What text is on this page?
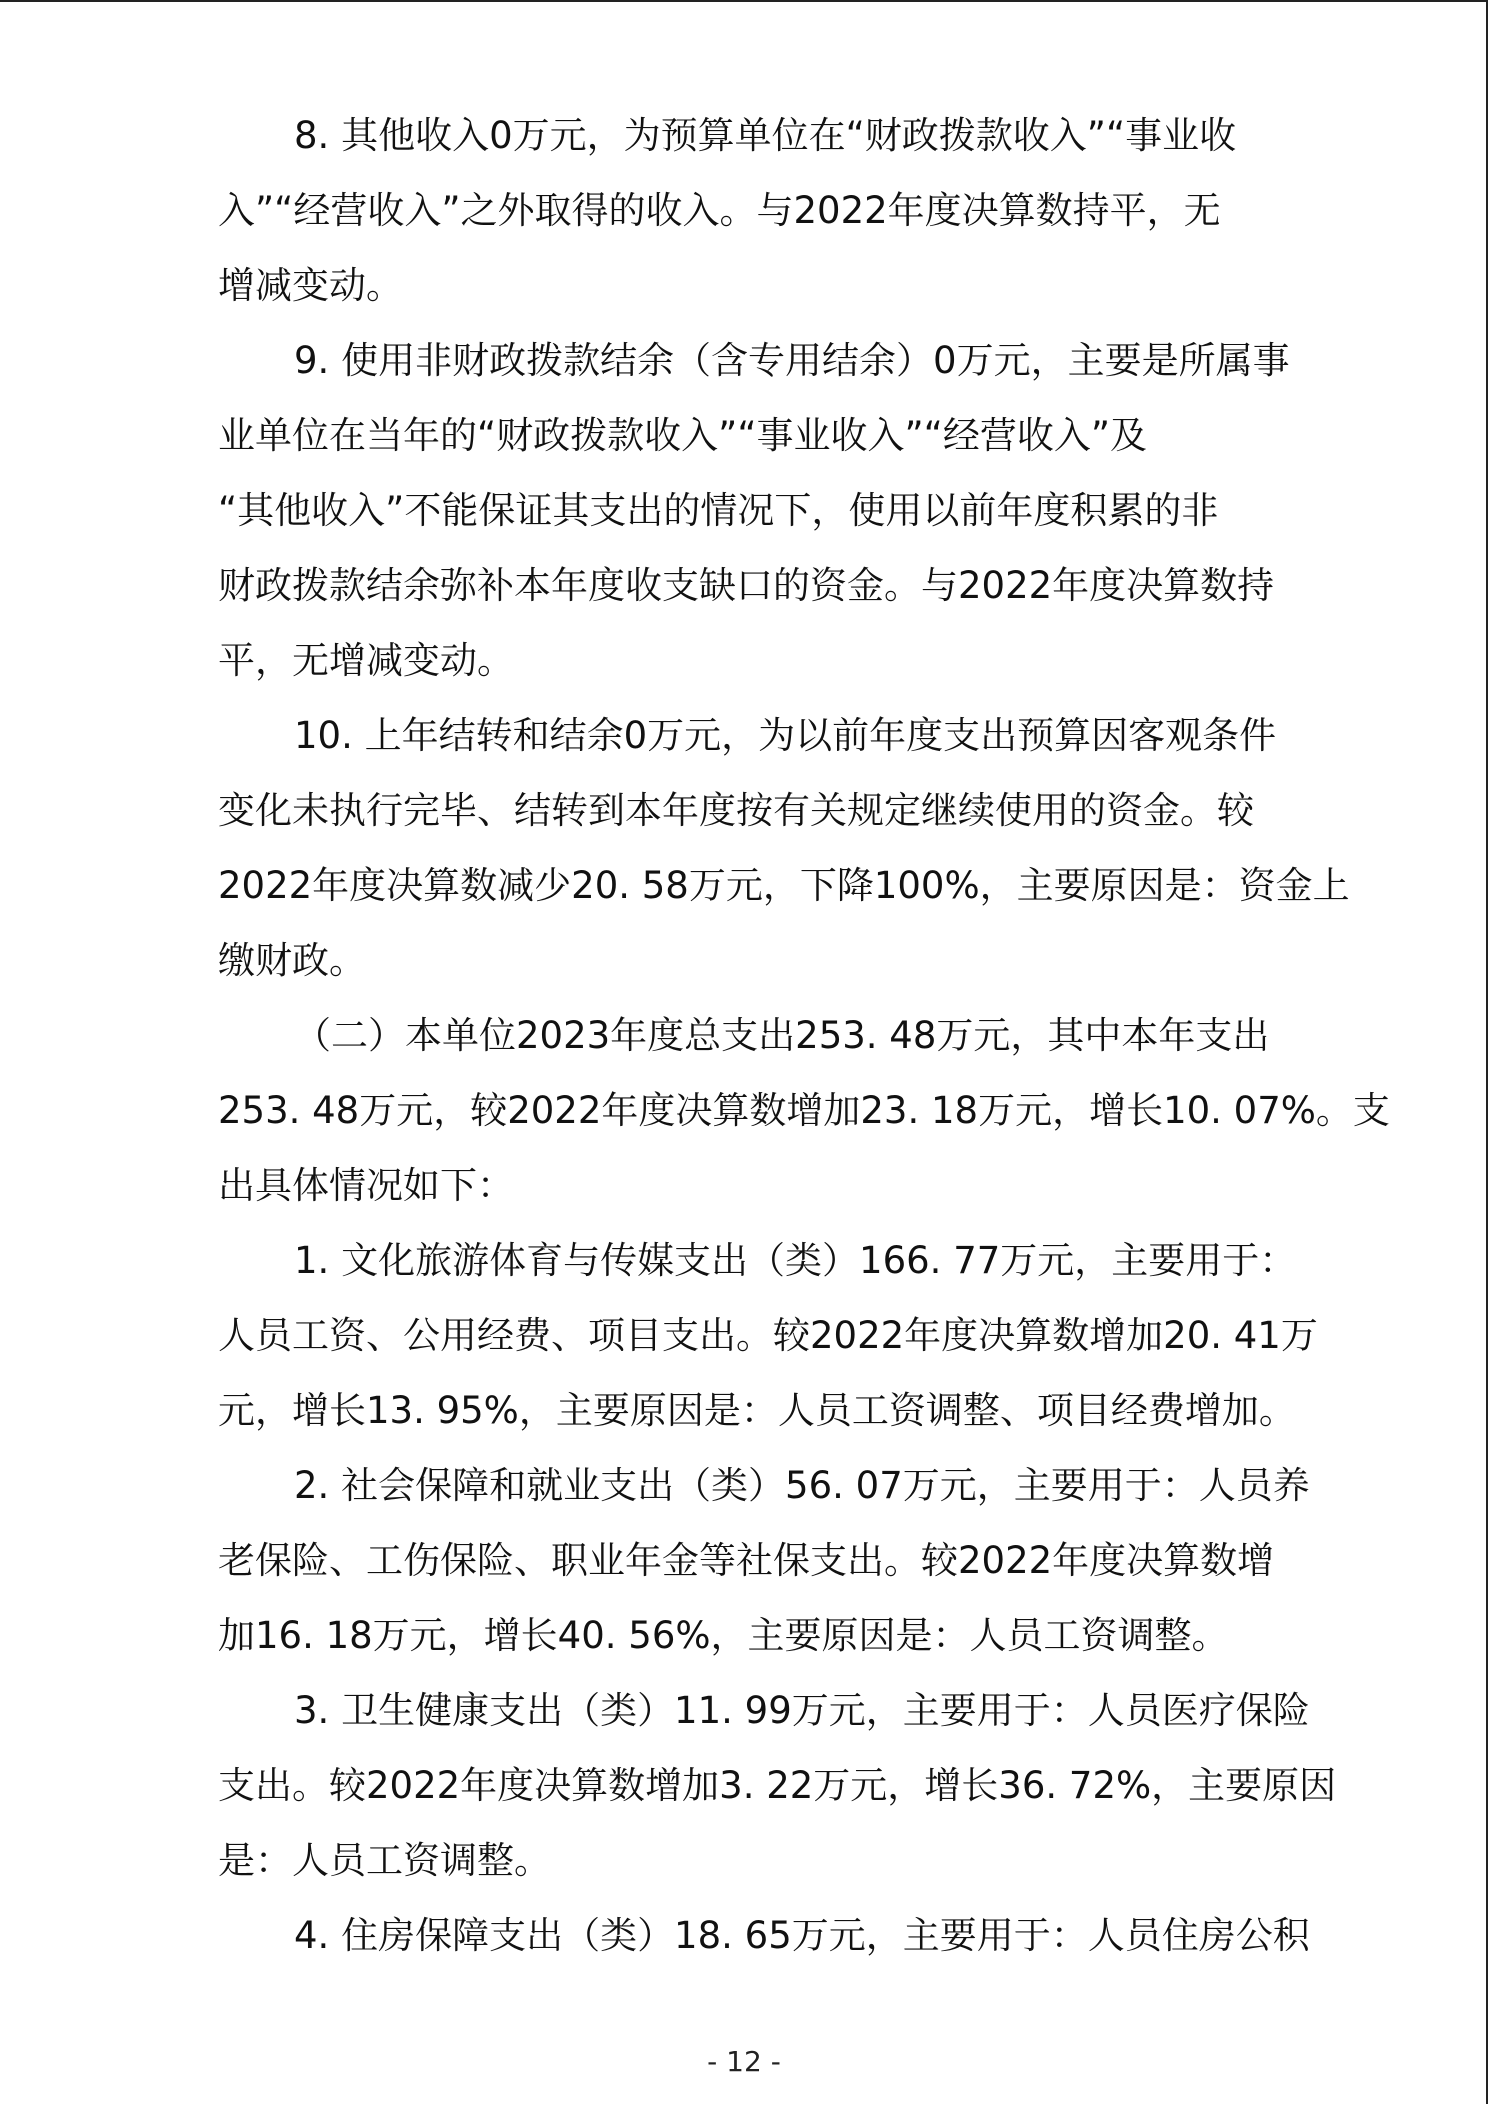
8. 其他收入0万元，为预算单位在“财政拨款收入”“事业收
入”“经营收入”之外取得的收入。与2022年度决算数持平，无
增减变动。

9. 使用非财政拨款结余（含专用结余）0万元，主要是所属事
业单位在当年的“财政拨款收入”“事业收入”“经营收入”及
“其他收入”不能保证其支出的情况下，使用以前年度积累的非
财政拨款结余弥补本年度收支缺口的资金。与2022年度决算数持
平，无增减变动。

10. 上年结转和结余0万元，为以前年度支出预算因客观条件
变化未执行完毕、结转到本年度按有关规定继续使用的资金。较
2022年度决算数减少20. 58万元，下降100%，主要原因是：资金上
缴财政。

（二）本单位2023年度总支出253. 48万元，其中本年支出
253. 48万元，较2022年度决算数增加23. 18万元，增长10. 07%。支
出具体情况如下：

1. 文化旅游体育与传媒支出（类）166. 77万元，主要用于：
人员工资、公用经费、项目支出。较2022年度决算数增加20. 41万
元，增长13. 95%，主要原因是：人员工资调整、项目经费增加。

2. 社会保障和就业支出（类）56. 07万元，主要用于：人员养
老保险、工伤保险、职业年金等社保支出。较2022年度决算数增
加16. 18万元，增长40. 56%，主要原因是：人员工资调整。

3. 卫生健康支出（类）11. 99万元，主要用于：人员医疗保险
支出。较2022年度决算数增加3. 22万元，增长36. 72%，主要原因
是：人员工资调整。

4. 住房保障支出（类）18. 65万元，主要用于：人员住房公积

- 12 -
